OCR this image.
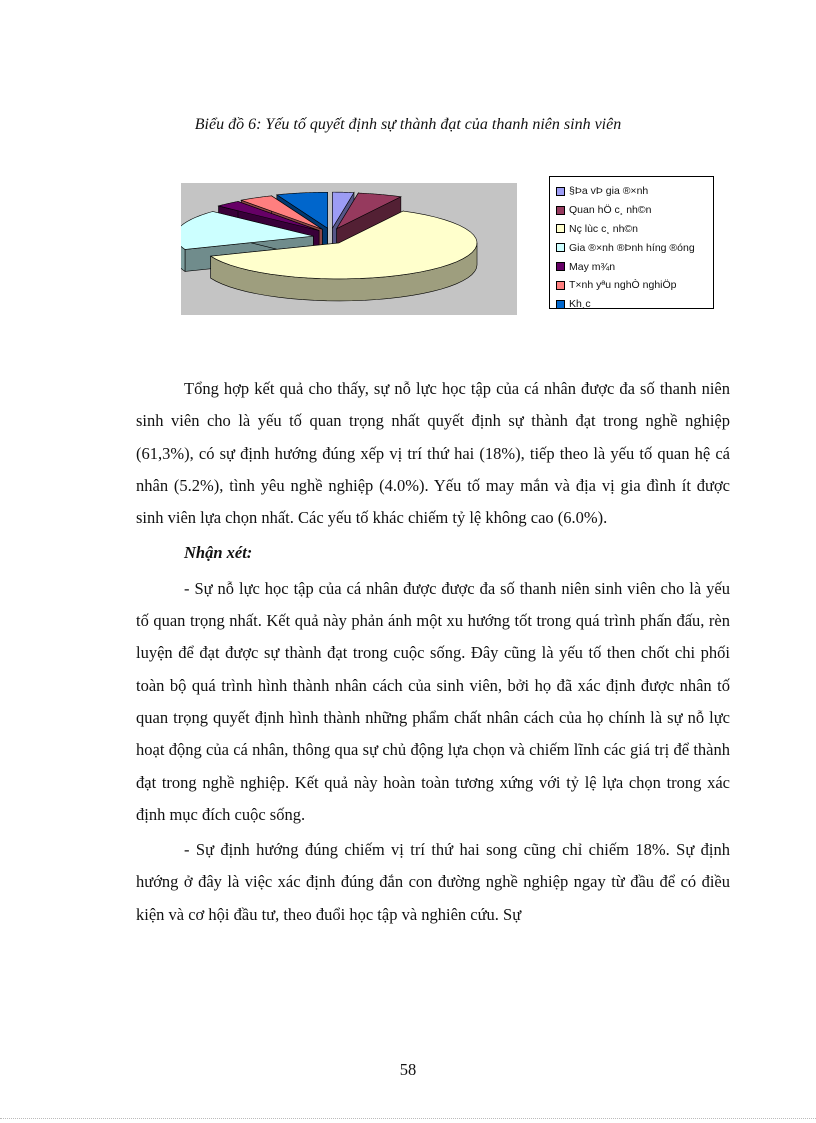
Biểu đồ 6: Yếu tố quyết định sự thành đạt của thanh niên sinh viên
§Þa vÞ gia ®×nh
Quan hÖ c¸ nh©n
Nç lùc c¸ nh©n
Gia ®×nh ®Þnh híng ®óng
May m¾n
T×nh yªu nghÒ nghiÖp
Kh¸c

Tổng hợp kết quả cho thấy, sự nỗ lực học tập của cá nhân được đa số thanh niên sinh viên cho là yếu tố quan trọng nhất quyết định sự thành đạt trong nghề nghiệp (61,3%), có sự định hướng đúng xếp vị trí thứ hai (18%), tiếp theo là yếu tố quan hệ cá nhân (5.2%), tình yêu nghề nghiệp (4.0%). Yếu tố may mắn và địa vị gia đình ít được sinh viên lựa chọn nhất. Các yếu tố khác chiếm tỷ lệ không cao (6.0%).

Nhận xét:

- Sự nỗ lực học tập của cá nhân được được đa số thanh niên sinh viên cho là yếu tố quan trọng nhất. Kết quả này phản ánh một xu hướng tốt trong quá trình phấn đấu, rèn luyện để đạt được sự thành đạt trong cuộc sống. Đây cũng là yếu tố then chốt chi phối toàn bộ quá trình hình thành nhân cách của sinh viên, bởi họ đã xác định được nhân tố quan trọng quyết định hình thành những phẩm chất nhân cách của họ chính là sự nỗ lực hoạt động của cá nhân, thông qua sự chủ động lựa chọn và chiếm lĩnh các giá trị để thành đạt trong nghề nghiệp. Kết quả này hoàn toàn tương xứng với tỷ lệ lựa chọn trong xác định mục đích cuộc sống.

- Sự định hướng đúng chiếm vị trí thứ hai song cũng chỉ chiếm 18%. Sự định hướng ở đây là việc xác định đúng đắn con đường nghề nghiệp ngay từ đầu để có điều kiện và cơ hội đầu tư, theo đuổi học tập và nghiên cứu. Sự

58
